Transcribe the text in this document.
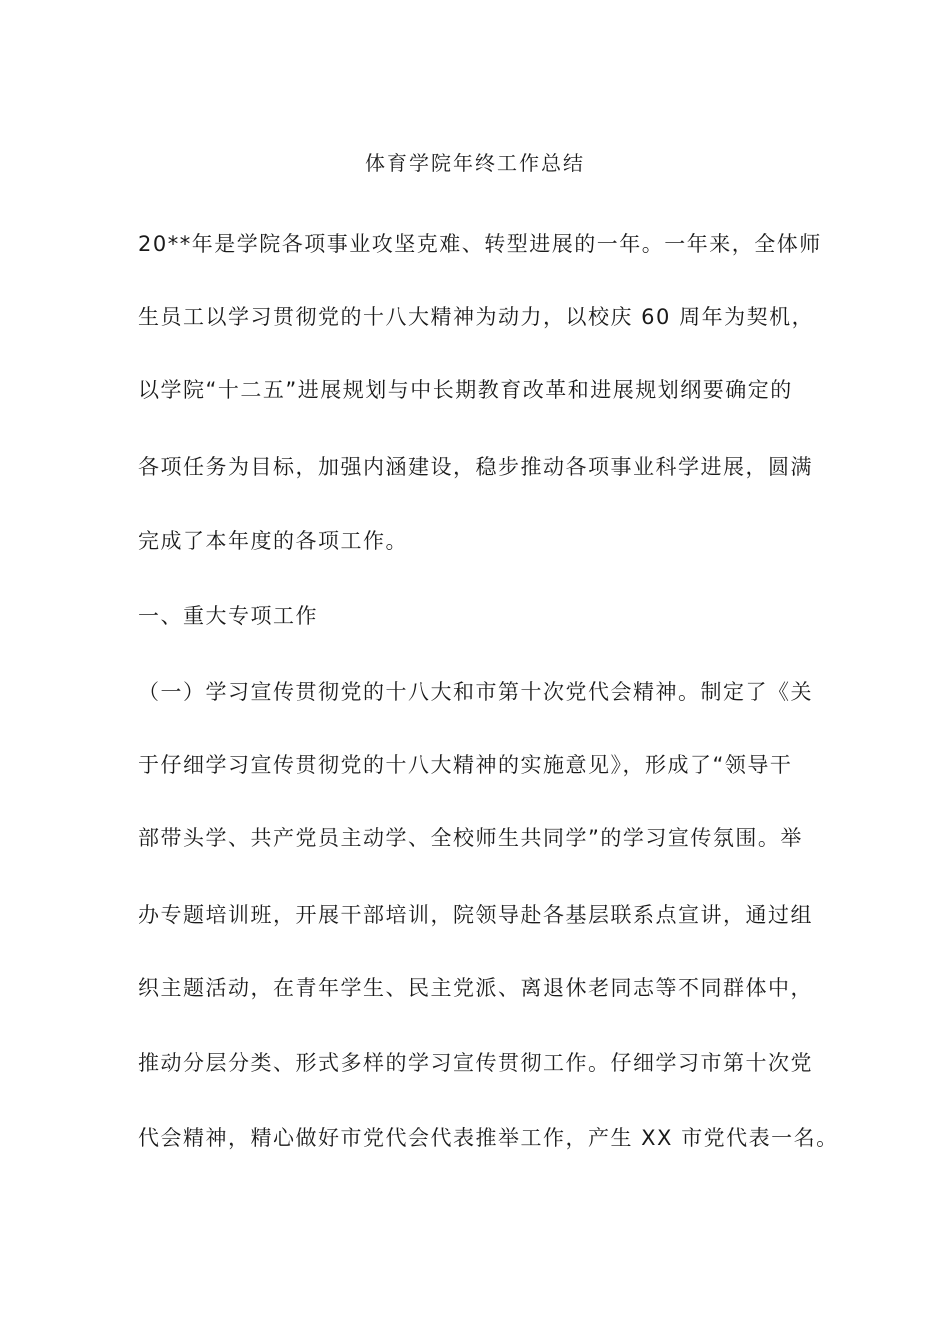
体育学院年终工作总结
20**年是学院各项事业攻坚克难、转型进展的一年。一年来，全体师
生员工以学习贯彻党的十八大精神为动力，以校庆 60 周年为契机，
以学院“十二五”进展规划与中长期教育改革和进展规划纲要确定的
各项任务为目标，加强内涵建设，稳步推动各项事业科学进展，圆满
完成了本年度的各项工作。
一、重大专项工作
（一）学习宣传贯彻党的十八大和市第十次党代会精神。制定了《关
于仔细学习宣传贯彻党的十八大精神的实施意见》，形成了“领导干
部带头学、共产党员主动学、全校师生共同学”的学习宣传氛围。举
办专题培训班，开展干部培训，院领导赴各基层联系点宣讲，通过组
织主题活动，在青年学生、民主党派、离退休老同志等不同群体中，
推动分层分类、形式多样的学习宣传贯彻工作。仔细学习市第十次党
代会精神，精心做好市党代会代表推举工作，产生 XX 市党代表一名。
